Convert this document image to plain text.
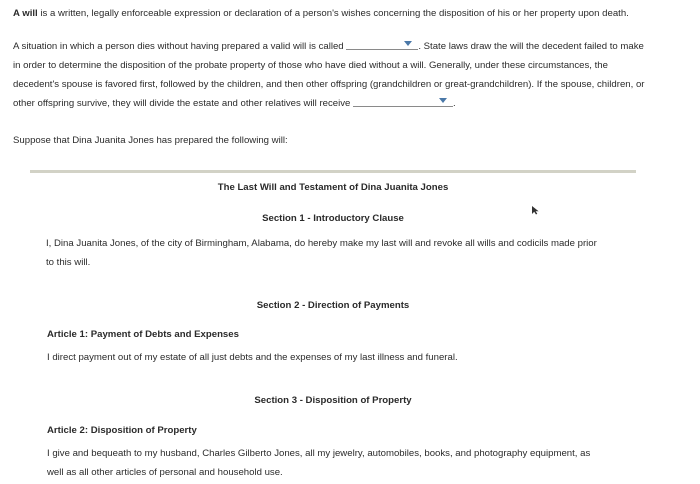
A will is a written, legally enforceable expression or declaration of a person's wishes concerning the disposition of his or her property upon death.
A situation in which a person dies without having prepared a valid will is called	. State laws draw the will the decedent failed to make
in order to determine the disposition of the probate property of those who have died without a will. Generally, under these circumstances, the
decedent's spouse is favored first, followed by the children, and then other offspring (grandchildren or great-grandchildren). If the spouse, children, or
other offspring survive, they will divide the estate and other relatives will receive	.
Suppose that Dina Juanita Jones has prepared the following will:
The Last Will and Testament of Dina Juanita Jones
Section 1 - Introductory Clause
I, Dina Juanita Jones, of the city of Birmingham, Alabama, do hereby make my last will and revoke all wills and codicils made prior
to this will.
Section 2 - Direction of Payments
Article 1: Payment of Debts and Expenses
I direct payment out of my estate of all just debts and the expenses of my last illness and funeral.
Section 3 - Disposition of Property
Article 2: Disposition of Property
I give and bequeath to my husband, Charles Gilberto Jones, all my jewelry, automobiles, books, and photography equipment, as
well as all other articles of personal and household use.
